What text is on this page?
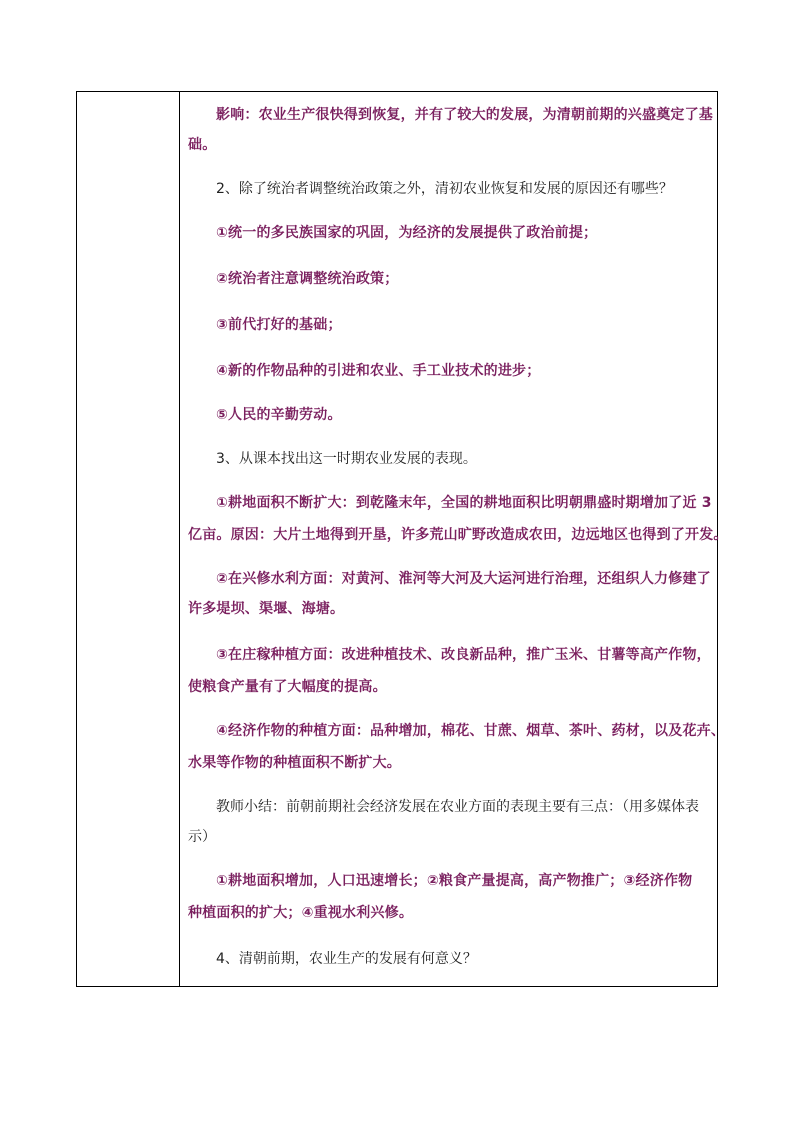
影响：农业生产很快得到恢复，并有了较大的发展，为清朝前期的兴盛奠定了基

础。

2、除了统治者调整统治政策之外，清初农业恢复和发展的原因还有哪些？

①统一的多民族国家的巩固，为经济的发展提供了政治前提；

②统治者注意调整统治政策；

③前代打好的基础；

④新的作物品种的引进和农业、手工业技术的进步；

⑤人民的辛勤劳动。

3、从课本找出这一时期农业发展的表现。

①耕地面积不断扩大：到乾隆末年，全国的耕地面积比明朝鼎盛时期增加了近 3

亿亩。原因：大片土地得到开垦，许多荒山旷野改造成农田，边远地区也得到了开发。

②在兴修水利方面：对黄河、淮河等大河及大运河进行治理，还组织人力修建了

许多堤坝、渠堰、海塘。

③在庄稼种植方面：改进种植技术、改良新品种，推广玉米、甘薯等高产作物，

使粮食产量有了大幅度的提高。

④经济作物的种植方面：品种增加，棉花、甘蔗、烟草、茶叶、药材，以及花卉、

水果等作物的种植面积不断扩大。

教师小结：前朝前期社会经济发展在农业方面的表现主要有三点：（用多媒体表

示）

①耕地面积增加，人口迅速增长；②粮食产量提高，高产物推广；③经济作物

种植面积的扩大；④重视水利兴修。

4、清朝前期，农业生产的发展有何意义？
